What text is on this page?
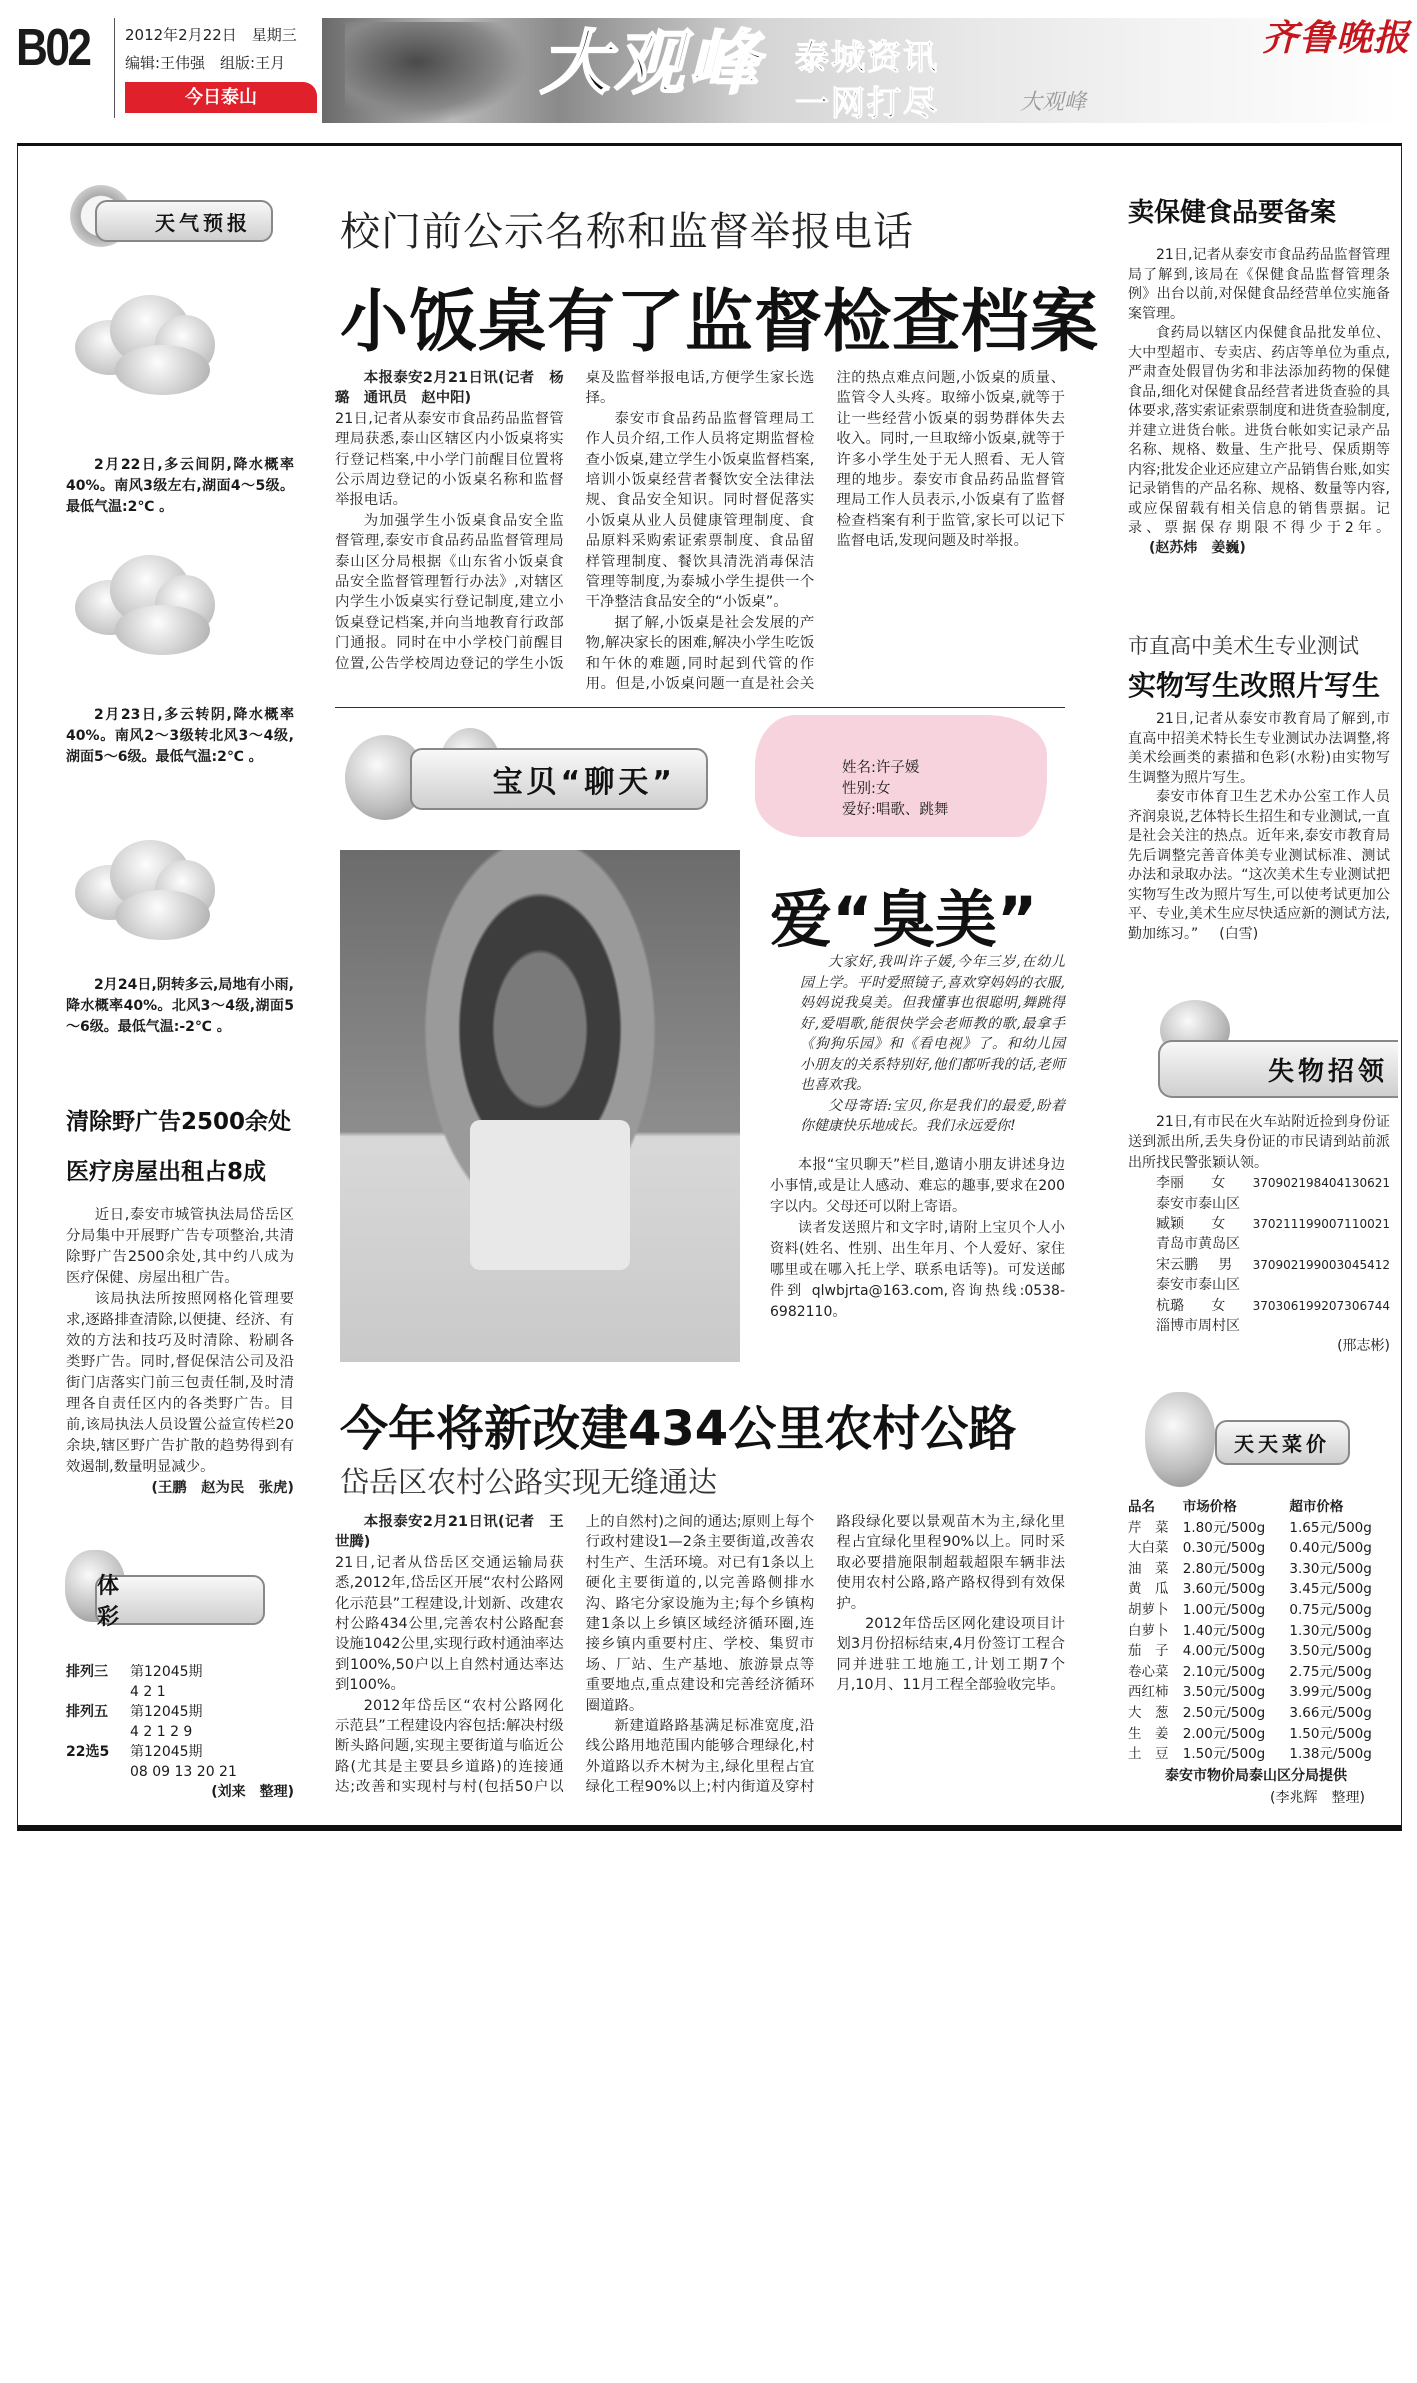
B02 2012年2月22日　星期三
编辑:王伟强　组版:王月
今日泰山	大观峰 泰城资讯
一网打尽	大观峰
齐鲁晚报
天气预报

2月22日,多云间阴,降水概率40%。南风3级左右,湖面4～5级。最低气温:2℃ 。

2月23日,多云转阴,降水概率40%。南风2～3级转北风3～4级,湖面5～6级。最低气温:2℃ 。

2月24日,阴转多云,局地有小雨,降水概率40%。北风3～4级,湖面5～6级。最低气温:-2℃ 。

清除野广告2500余处
医疗房屋出租占8成

近日,泰安市城管执法局岱岳区分局集中开展野广告专项整治,共清除野广告2500余处,其中约八成为医疗保健、房屋出租广告。

该局执法所按照网格化管理要求,逐路排查清除,以便捷、经济、有效的方法和技巧及时清除、粉刷各类野广告。同时,督促保洁公司及沿街门店落实门前三包责任制,及时清理各自责任区内的各类野广告。目前,该局执法人员设置公益宣传栏20余块,辖区野广告扩散的趋势得到有效遏制,数量明显减少。

(王鹏　赵为民　张虎)
体　彩
排列三	第12045期
4 2 1
排列五	第12045期
4 2 1 2 9
22选5	第12045期
08 09 13 20 21
(刘来　整理)
校门前公示名称和监督举报电话
小饭桌有了监督检查档案

本报泰安2月21日讯(记者　杨璐　通讯员　赵中阳)

21日,记者从泰安市食品药品监督管理局获悉,泰山区辖区内小饭桌将实行登记档案,中小学门前醒目位置将公示周边登记的小饭桌名称和监督举报电话。

为加强学生小饭桌食品安全监督管理,泰安市食品药品监督管理局泰山区分局根据《山东省小饭桌食品安全监督管理暂行办法》,对辖区内学生小饭桌实行登记制度,建立小饭桌登记档案,并向当地教育行政部门通报。同时在中小学校门前醒目位置,公告学校周边登记的学生小饭桌及监督举报电话,方便学生家长选择。

泰安市食品药品监督管理局工作人员介绍,工作人员将定期监督检查小饭桌,建立学生小饭桌监督档案,培训小饭桌经营者餐饮安全法律法规、食品安全知识。同时督促落实小饭桌从业人员健康管理制度、食品原料采购索证索票制度、食品留样管理制度、餐饮具清洗消毒保洁管理等制度,为泰城小学生提供一个干净整洁食品安全的“小饭桌”。

据了解,小饭桌是社会发展的产物,解决家长的困难,解决小学生吃饭和午休的难题,同时起到代管的作用。但是,小饭桌问题一直是社会关注的热点难点问题,小饭桌的质量、监管令人头疼。取缔小饭桌,就等于让一些经营小饭桌的弱势群体失去收入。同时,一旦取缔小饭桌,就等于许多小学生处于无人照看、无人管理的地步。泰安市食品药品监督管理局工作人员表示,小饭桌有了监督检查档案有利于监管,家长可以记下监督电话,发现问题及时举报。

宝贝“聊天”	姓名:许子媛
性别:女
爱好:唱歌、跳舞
爱“臭美”

大家好,我叫许子媛,今年三岁,在幼儿园上学。平时爱照镜子,喜欢穿妈妈的衣服,妈妈说我臭美。但我懂事也很聪明,舞跳得好,爱唱歌,能很快学会老师教的歌,最拿手《狗狗乐园》和《看电视》了。和幼儿园小朋友的关系特别好,他们都听我的话,老师也喜欢我。

父母寄语:宝贝,你是我们的最爱,盼着你健康快乐地成长。我们永远爱你!

本报“宝贝聊天”栏目,邀请小朋友讲述身边小事情,或是让人感动、难忘的趣事,要求在200字以内。父母还可以附上寄语。

读者发送照片和文字时,请附上宝贝个人小资料(姓名、性别、出生年月、个人爱好、家住哪里或在哪入托上学、联系电话等)。可发送邮件到 qlwbjrta@163.com,咨询热线:0538-6982110。

今年将新改建434公里农村公路
岱岳区农村公路实现无缝通达

本报泰安2月21日讯(记者　王世腾)

21日,记者从岱岳区交通运输局获悉,2012年,岱岳区开展“农村公路网化示范县”工程建设,计划新、改建农村公路434公里,完善农村公路配套设施1042公里,实现行政村通油率达到100%,50户以上自然村通达率达到100%。

2012年岱岳区“农村公路网化示范县”工程建设内容包括:解决村级断头路问题,实现主要街道与临近公路(尤其是主要县乡道路)的连接通达;改善和实现村与村(包括50户以上的自然村)之间的通达;原则上每个行政村建设1—2条主要街道,改善农村生产、生活环境。对已有1条以上硬化主要街道的,以完善路侧排水沟、路宅分家设施为主;每个乡镇构建1条以上乡镇区域经济循环圈,连接乡镇内重要村庄、学校、集贸市场、厂站、生产基地、旅游景点等重要地点,重点建设和完善经济循环圈道路。

新建道路路基满足标准宽度,沿线公路用地范围内能够合理绿化,村外道路以乔木树为主,绿化里程占宜绿化工程90%以上;村内街道及穿村路段绿化要以景观苗木为主,绿化里程占宜绿化里程90%以上。同时采取必要措施限制超载超限车辆非法使用农村公路,路产路权得到有效保护。

2012年岱岳区网化建设项目计划3月份招标结束,4月份签订工程合同并进驻工地施工,计划工期7个月,10月、11月工程全部验收完毕。

卖保健食品要备案

21日,记者从泰安市食品药品监督管理局了解到,该局在《保健食品监督管理条例》出台以前,对保健食品经营单位实施备案管理。

食药局以辖区内保健食品批发单位、大中型超市、专卖店、药店等单位为重点,严肃查处假冒伪劣和非法添加药物的保健食品,细化对保健食品经营者进货查验的具体要求,落实索证索票制度和进货查验制度,并建立进货台帐。进货台帐如实记录产品名称、规格、数量、生产批号、保质期等内容;批发企业还应建立产品销售台账,如实记录销售的产品名称、规格、数量等内容,或应保留载有相关信息的销售票据。记录、票据保存期限不得少于2年。(赵苏炜　姜巍)

市直高中美术生专业测试
实物写生改照片写生

21日,记者从泰安市教育局了解到,市直高中招美术特长生专业测试办法调整,将美术绘画类的素描和色彩(水粉)由实物写生调整为照片写生。

泰安市体育卫生艺术办公室工作人员齐润泉说,艺体特长生招生和专业测试,一直是社会关注的热点。近年来,泰安市教育局先后调整完善音体美专业测试标准、测试办法和录取办法。“这次美术生专业测试把实物写生改为照片写生,可以使考试更加公平、专业,美术生应尽快适应新的测试方法,勤加练习。” (白雪)

失物招领

21日,有市民在火车站附近捡到身份证送到派出所,丢失身份证的市民请到站前派出所找民警张颖认领。

李丽 女 370902198404130621
泰安市泰山区
臧颖 女 370211199007110021
青岛市黄岛区
宋云鹏 男 370902199003045412
泰安市泰山区
杭璐 女 370306199207306744
淄博市周村区
(邢志彬)
天天菜价
品名	市场价格	超市价格
芹　菜	1.80元/500g	1.65元/500g
大白菜	0.30元/500g	0.40元/500g
油　菜	2.80元/500g	3.30元/500g
黄　瓜	3.60元/500g	3.45元/500g
胡萝卜	1.00元/500g	0.75元/500g
白萝卜	1.40元/500g	1.30元/500g
茄　子	4.00元/500g	3.50元/500g
卷心菜	2.10元/500g	2.75元/500g
西红柿	3.50元/500g	3.99元/500g
大　葱	2.50元/500g	3.66元/500g
生　姜	2.00元/500g	1.50元/500g
土　豆	1.50元/500g	1.38元/500g
泰安市物价局泰山区分局提供
(李兆辉　整理)
